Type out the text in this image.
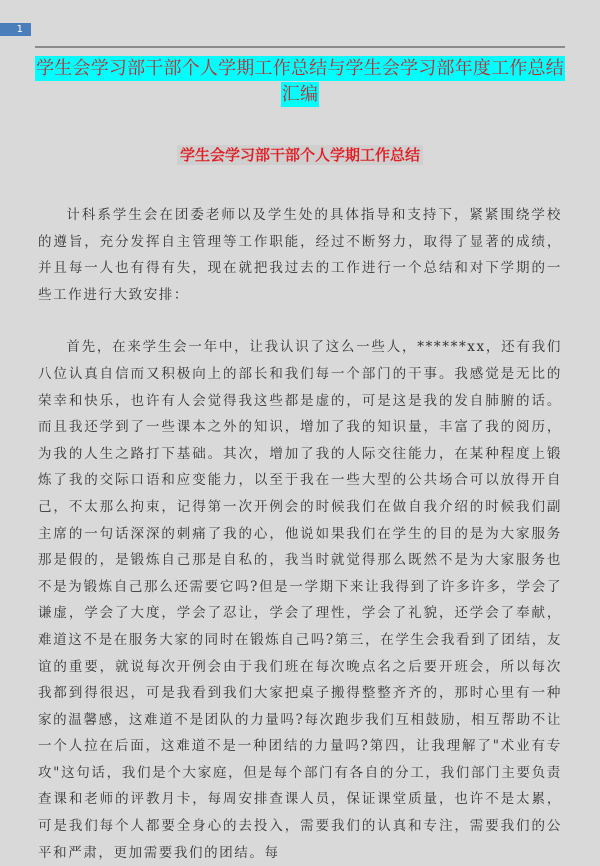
1
学生会学习部干部个人学期工作总结与学生会学习部年度工作总结汇编
学生会学习部干部个人学期工作总结

计科系学生会在团委老师以及学生处的具体指导和支持下，紧紧围绕学校的遵旨，充分发挥自主管理等工作职能，经过不断努力，取得了显著的成绩，并且每一人也有得有失，现在就把我过去的工作进行一个总结和对下学期的一些工作进行大致安排：

首先，在来学生会一年中，让我认识了这么一些人，******xx，还有我们八位认真自信而又积极向上的部长和我们每一个部门的干事。我感觉是无比的荣幸和快乐，也许有人会觉得我这些都是虚的，可是这是我的发自肺腑的话。而且我还学到了一些课本之外的知识，增加了我的知识量，丰富了我的阅历，为我的人生之路打下基础。其次，增加了我的人际交往能力，在某种程度上锻炼了我的交际口语和应变能力，以至于我在一些大型的公共场合可以放得开自己，不太那么拘束，记得第一次开例会的时候我们在做自我介绍的时候我们副主席的一句话深深的刺痛了我的心，他说如果我们在学生的目的是为大家服务那是假的，是锻炼自己那是自私的，我当时就觉得那么既然不是为大家服务也不是为锻炼自己那么还需要它吗?但是一学期下来让我得到了许多许多，学会了谦虚，学会了大度，学会了忍让，学会了理性，学会了礼貌，还学会了奉献，难道这不是在服务大家的同时在锻炼自己吗?第三，在学生会我看到了团结，友谊的重要，就说每次开例会由于我们班在每次晚点名之后要开班会，所以每次我都到得很迟，可是我看到我们大家把桌子搬得整整齐齐的，那时心里有一种家的温馨感，这难道不是团队的力量吗?每次跑步我们互相鼓励，相互帮助不让一个人拉在后面，这难道不是一种团结的力量吗?第四，让我理解了"术业有专攻"这句话，我们是个大家庭，但是每个部门有各自的分工，我们部门主要负责查课和老师的评教月卡，每周安排查课人员，保证课堂质量，也许不是太累，可是我们每个人都要全身心的去投入，需要我们的认真和专注，需要我们的公平和严肃，更加需要我们的团结。每
